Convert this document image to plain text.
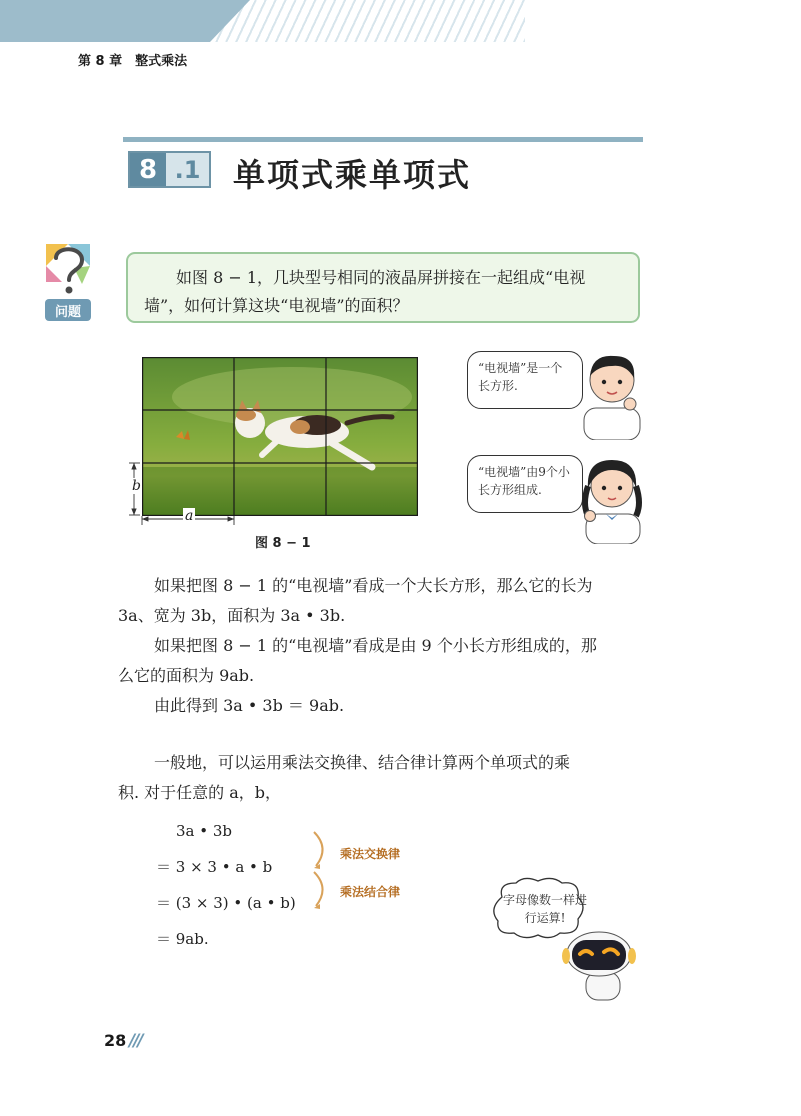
第 8 章　整式乘法
8 .1 单项式乘单项式
问题
如图 8 − 1，几块型号相同的液晶屏拼接在一起组成“电视墙”，如何计算这块“电视墙”的面积？
b
a
图 8 − 1
“电视墙”是一个长方形.
“电视墙”由9个小长方形组成.
如果把图 8 − 1 的“电视墙”看成一个大长方形，那么它的长为
3a、宽为 3b，面积为 3a • 3b.
如果把图 8 − 1 的“电视墙”看成是由 9 个小长方形组成的，那
么它的面积为 9ab.
由此得到 3a • 3b ＝ 9ab.
一般地，可以运用乘法交换律、结合律计算两个单项式的乘
积. 对于任意的 a，b，
3a • 3b
＝ 3 × 3 • a • b
＝ (3 × 3) • (a • b)
＝ 9ab.
乘法交换律
乘法结合律
字母像数一样进行运算!
28 ///
